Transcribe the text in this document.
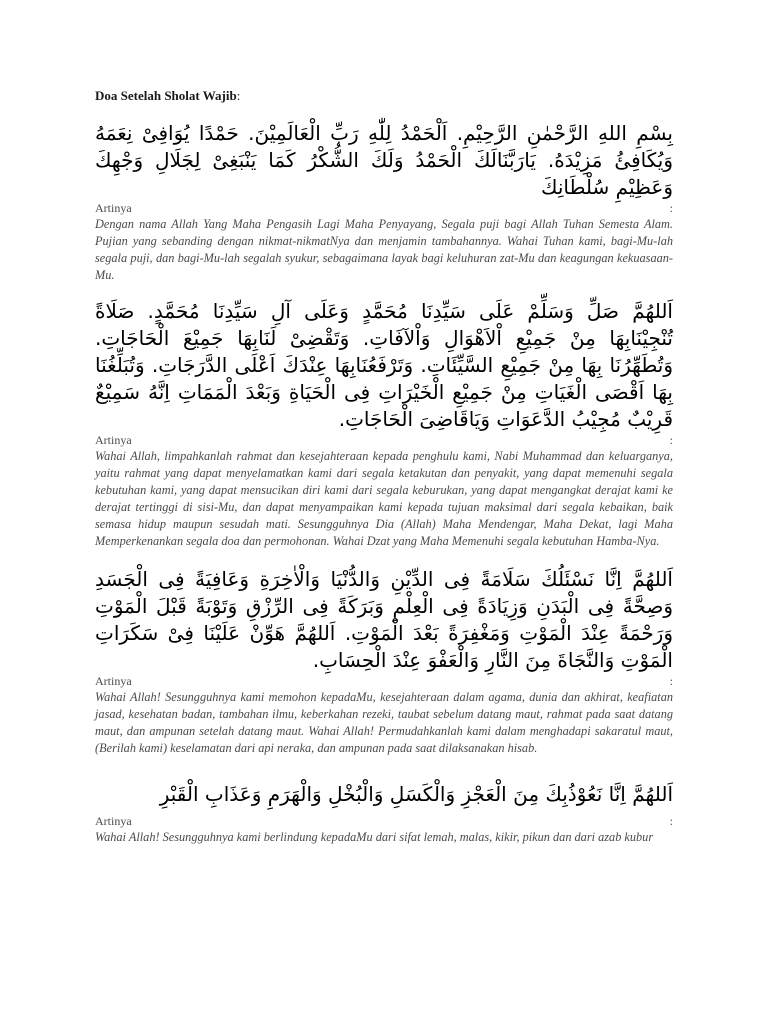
Doa Setelah Sholat Wajib:

بِسْمِ اللهِ الرَّحْمٰنِ الرَّحِيْمِ. اَلْحَمْدُ لِلّٰهِ رَبِّ الْعَالَمِيْنَ. حَمْدًا يُوَافِىْ نِعَمَهُ وَيُكَافِئُ مَزِيْدَهُ. يَارَبَّنَالَكَ الْحَمْدُ وَلَكَ الشُّكْرُ كَمَا يَنْبَغِىْ لِجَلَالِ وَجْهِكَ وَعَظِيْمِ سُلْطَانِكَ

Artinya	:

Dengan nama Allah Yang Maha Pengasih Lagi Maha Penyayang, Segala puji bagi Allah Tuhan Semesta Alam. Pujian yang sebanding dengan nikmat-nikmatNya dan menjamin tambahannya. Wahai Tuhan kami, bagi-Mu-lah segala puji, dan bagi-Mu-lah segalah syukur, sebagaimana layak bagi keluhuran zat-Mu dan keagungan kekuasaan-Mu.

اَللهُمَّ صَلِّ وَسَلِّمْ عَلَى سَيِّدِنَا مُحَمَّدٍ وَعَلَى آلِ سَيِّدِنَا مُحَمَّدٍ. صَلَاةً تُنْجِيْنَابِهَا مِنْ جَمِيْعِ اْلاَهْوَالِ وَاْلآفَاتِ. وَتَقْضِىْ لَنَابِهَا جَمِيْعَ الْحَاجَاتِ. وَتُطَهِّرُنَا بِهَا مِنْ جَمِيْعِ السَّيِّئَاتِ. وَتَرْفَعُنَابِهَا عِنْدَكَ اَعْلَى الدَّرَجَاتِ. وَتُبَلِّغُنَا بِهَا اَقْصَى الْغَيَاتِ مِنْ جَمِيْعِ الْخَيْرَاتِ فِى الْحَيَاةِ وَبَعْدَ الْمَمَاتِ اِنَّهُ سَمِيْعٌ قَرِيْبٌ مُجِيْبُ الدَّعَوَاتِ وَيَاقَاضِىَ الْحَاجَاتِ.

Artinya	:

Wahai Allah, limpahkanlah rahmat dan kesejahteraan kepada penghulu kami, Nabi Muhammad dan keluarganya, yaitu rahmat yang dapat menyelamatkan kami dari segala ketakutan dan penyakit, yang dapat memenuhi segala kebutuhan kami, yang dapat mensucikan diri kami dari segala keburukan, yang dapat mengangkat derajat kami ke derajat tertinggi di sisi-Mu, dan dapat menyampaikan kami kepada tujuan maksimal dari segala kebaikan, baik semasa hidup maupun sesudah mati. Sesungguhnya Dia (Allah) Maha Mendengar, Maha Dekat, lagi Maha Memperkenankan segala doa dan permohonan. Wahai Dzat yang Maha Memenuhi segala kebutuhan Hamba-Nya.

اَللهُمَّ اِنَّا نَسْئَلُكَ سَلَامَةً فِى الدِّيْنِ وَالدُّنْيَا وَالْاٰخِرَةِ وَعَافِيَةً فِى الْجَسَدِ وَصِحَّةً فِى الْبَدَنِ وَزِيَادَةً فِى الْعِلْمِ وَبَرَكَةً فِى الرِّزْقِ وَتَوْبَةً قَبْلَ الْمَوْتِ وَرَحْمَةً عِنْدَ الْمَوْتِ وَمَغْفِرَةً بَعْدَ الْمَوْتِ. اَللهُمَّ هَوِّنْ عَلَيْنَا فِىْ سَكَرَاتِ الْمَوْتِ وَالنَّجَاةَ مِنَ النَّارِ وَالْعَفْوَ عِنْدَ الْحِسَابِ.

Artinya	:

Wahai Allah! Sesungguhnya kami memohon kepadaMu, kesejahteraan dalam agama, dunia dan akhirat, keafiatan jasad, kesehatan badan, tambahan ilmu, keberkahan rezeki, taubat sebelum datang maut, rahmat pada saat datang maut, dan ampunan setelah datang maut. Wahai Allah! Permudahkanlah kami dalam menghadapi sakaratul maut, (Berilah kami) keselamatan dari api neraka, dan ampunan pada saat dilaksanakan hisab.

اَللهُمَّ اِنَّا نَعُوْذُبِكَ مِنَ الْعَجْزِ وَالْكَسَلِ وَالْبُخْلِ وَالْهَرَمِ وَعَذَابِ الْقَبْرِ

Artinya	:

Wahai Allah! Sesungguhnya kami berlindung kepadaMu dari sifat lemah, malas, kikir, pikun dan dari azab kubur
